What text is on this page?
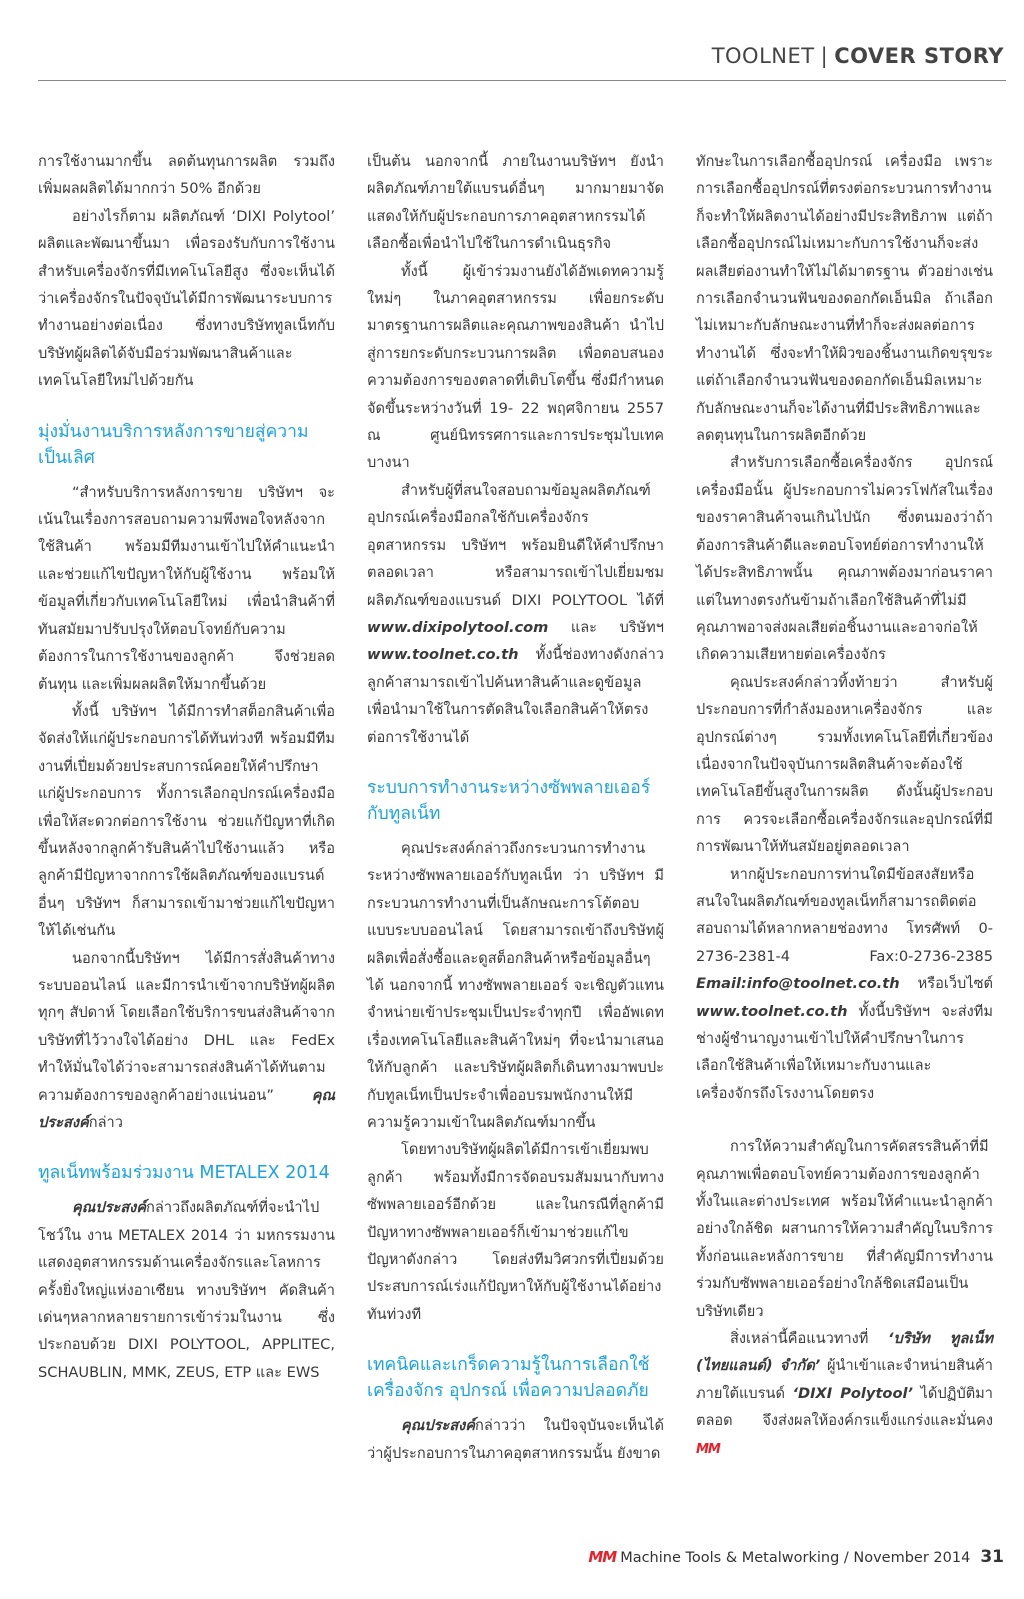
TOOLNET | COVER STORY

การใช้งานมากขึ้น ลดต้นทุนการผลิต รวมถึงเพิ่มผลผลิตได้มากกว่า 50% อีกด้วย

อย่างไรก็ตาม ผลิตภัณฑ์ ‘DIXI Polytool’ ผลิตและพัฒนาขึ้นมา เพื่อรองรับกับการใช้งานสำหรับเครื่องจักรที่มีเทคโนโลยีสูง ซึ่งจะเห็นได้ว่าเครื่องจักรในปัจจุบันได้มีการพัฒนาระบบการทำงานอย่างต่อเนื่อง ซึ่งทางบริษัททูลเน็ทกับบริษัทผู้ผลิตได้จับมือร่วมพัฒนาสินค้าและเทคโนโลยีใหม่ไปด้วยกัน

มุ่งมั่นงานบริการหลังการขายสู่ความเป็นเลิศ

“สำหรับบริการหลังการขาย บริษัทฯ จะเน้นในเรื่องการสอบถามความพึงพอใจหลังจากใช้สินค้า พร้อมมีทีมงานเข้าไปให้คำแนะนำ และช่วยแก้ไขปัญหาให้กับผู้ใช้งาน พร้อมให้ข้อมูลที่เกี่ยวกับเทคโนโลยีใหม่ เพื่อนำสินค้าที่ทันสมัยมาปรับปรุงให้ตอบโจทย์กับความต้องการในการใช้งานของลูกค้า จึงช่วยลดต้นทุน และเพิ่มผลผลิตให้มากขึ้นด้วย

ทั้งนี้ บริษัทฯ ได้มีการทำสต็อกสินค้าเพื่อจัดส่งให้แก่ผู้ประกอบการได้ทันท่วงที พร้อมมีทีมงานที่เปี่ยมด้วยประสบการณ์คอยให้คำปรึกษาแก่ผู้ประกอบการ ทั้งการเลือกอุปกรณ์เครื่องมือเพื่อให้สะดวกต่อการใช้งาน ช่วยแก้ปัญหาที่เกิดขึ้นหลังจากลูกค้ารับสินค้าไปใช้งานแล้ว หรือลูกค้ามีปัญหาจากการใช้ผลิตภัณฑ์ของแบรนด์อื่นๆ บริษัทฯ ก็สามารถเข้ามาช่วยแก้ไขปัญหาให้ได้เช่นกัน

นอกจากนี้บริษัทฯ ได้มีการสั่งสินค้าทางระบบออนไลน์ และมีการนำเข้าจากบริษัทผู้ผลิตทุกๆ สัปดาห์ โดยเลือกใช้บริการขนส่งสินค้าจากบริษัทที่ไว้วางใจได้อย่าง DHL และ FedEx ทำให้มั่นใจได้ว่าจะสามารถส่งสินค้าได้ทันตามความต้องการของลูกค้าอย่างแน่นอน”	คุณประสงค์กล่าว

ทูลเน็ทพร้อมร่วมงาน METALEX 2014

คุณประสงค์กล่าวถึงผลิตภัณฑ์ที่จะนำไปโชว์ใน งาน METALEX 2014 ว่า มหกรรมงานแสดงอุตสาหกรรมด้านเครื่องจักรและโลหการครั้งยิ่งใหญ่แห่งอาเซียน ทางบริษัทฯ คัดสินค้าเด่นๆหลากหลายรายการเข้าร่วมในงาน ซึ่งประกอบด้วย DIXI POLYTOOL, APPLITEC, SCHAUBLIN, MMK, ZEUS, ETP และ EWS

เป็นต้น นอกจากนี้ ภายในงานบริษัทฯ ยังนำผลิตภัณฑ์ภายใต้แบรนด์อื่นๆ มากมายมาจัดแสดงให้กับผู้ประกอบการภาคอุตสาหกรรมได้เลือกซื้อเพื่อนำไปใช้ในการดำเนินธุรกิจ

ทั้งนี้ ผู้เข้าร่วมงานยังได้อัพเดทความรู้ใหม่ๆ ในภาคอุตสาหกรรม เพื่อยกระดับมาตรฐานการผลิตและคุณภาพของสินค้า นำไปสู่การยกระดับกระบวนการผลิต เพื่อตอบสนองความต้องการของตลาดที่เติบโตขึ้น ซึ่งมีกำหนดจัดขึ้นระหว่างวันที่ 19- 22 พฤศจิกายน 2557 ณ ศูนย์นิทรรศการและการประชุมไบเทค บางนา

สำหรับผู้ที่สนใจสอบถามข้อมูลผลิตภัณฑ์อุปกรณ์เครื่องมือกลใช้กับเครื่องจักรอุตสาหกรรม บริษัทฯ พร้อมยินดีให้คำปรึกษาตลอดเวลา หรือสามารถเข้าไปเยี่ยมชมผลิตภัณฑ์ของแบรนด์ DIXI POLYTOOL ได้ที่ www.dixipolytool.com และ บริษัทฯ www.toolnet.co.th ทั้งนี้ช่องทางดังกล่าวลูกค้าสามารถเข้าไปค้นหาสินค้าและดูข้อมูล เพื่อนำมาใช้ในการตัดสินใจเลือกสินค้าให้ตรงต่อการใช้งานได้

ระบบการทำงานระหว่างซัพพลายเออร์กับทูลเน็ท

คุณประสงค์กล่าวถึงกระบวนการทำงานระหว่างซัพพลายเออร์กับทูลเน็ท ว่า บริษัทฯ มีกระบวนการทำงานที่เป็นลักษณะการโต้ตอบแบบระบบออนไลน์ โดยสามารถเข้าถึงบริษัทผู้ผลิตเพื่อสั่งซื้อและดูสต็อกสินค้าหรือข้อมูลอื่นๆ ได้ นอกจากนี้ ทางซัพพลายเออร์ จะเชิญตัวแทนจำหน่ายเข้าประชุมเป็นประจำทุกปี เพื่ออัพเดทเรื่องเทคโนโลยีและสินค้าใหม่ๆ ที่จะนำมาเสนอให้กับลูกค้า และบริษัทผู้ผลิตก็เดินทางมาพบปะกับทูลเน็ทเป็นประจำเพื่ออบรมพนักงานให้มีความรู้ความเข้าในผลิตภัณฑ์มากขึ้น

โดยทางบริษัทผู้ผลิตได้มีการเข้าเยี่ยมพบลูกค้า พร้อมทั้งมีการจัดอบรมสัมมนากับทางซัพพลายเออร์อีกด้วย และในกรณีที่ลูกค้ามีปัญหาทางซัพพลายเออร์ก็เข้ามาช่วยแก้ไขปัญหาดังกล่าว โดยส่งทีมวิศวกรที่เปี่ยมด้วยประสบการณ์เร่งแก้ปัญหาให้กับผู้ใช้งานได้อย่างทันท่วงที

เทคนิคและเกร็ดความรู้ในการเลือกใช้เครื่องจักร อุปกรณ์ เพื่อความปลอดภัย

คุณประสงค์กล่าวว่า ในปัจจุบันจะเห็นได้ว่าผู้ประกอบการในภาคอุตสาหกรรมนั้น ยังขาด

ทักษะในการเลือกซื้ออุปกรณ์ เครื่องมือ เพราะการเลือกซื้ออุปกรณ์ที่ตรงต่อกระบวนการทำงานก็จะทำให้ผลิตงานได้อย่างมีประสิทธิภาพ แต่ถ้าเลือกซื้ออุปกรณ์ไม่เหมาะกับการใช้งานก็จะส่งผลเสียต่องานทำให้ไม่ได้มาตรฐาน ตัวอย่างเช่น การเลือกจำนวนฟันของดอกกัดเอ็นมิล ถ้าเลือกไม่เหมาะกับลักษณะงานที่ทำก็จะส่งผลต่อการทำงานได้ ซึ่งจะทำให้ผิวของชิ้นงานเกิดขรุขระ แต่ถ้าเลือกจำนวนฟันของดอกกัดเอ็นมิลเหมาะกับลักษณะงานก็จะได้งานที่มีประสิทธิภาพและลดตุนทุนในการผลิตอีกด้วย

สำหรับการเลือกซื้อเครื่องจักร อุปกรณ์ เครื่องมือนั้น ผู้ประกอบการไม่ควรโฟกัสในเรื่องของราคาสินค้าจนเกินไปนัก ซึ่งตนมองว่าถ้าต้องการสินค้าดีและตอบโจทย์ต่อการทำงานให้ได้ประสิทธิภาพนั้น คุณภาพต้องมาก่อนราคา แต่ในทางตรงกันข้ามถ้าเลือกใช้สินค้าที่ไม่มีคุณภาพอาจส่งผลเสียต่อชิ้นงานและอาจก่อให้เกิดความเสียหายต่อเครื่องจักร

คุณประสงค์กล่าวทิ้งท้ายว่า สำหรับผู้ประกอบการที่กำลังมองหาเครื่องจักร และอุปกรณ์ต่างๆ รวมทั้งเทคโนโลยีที่เกี่ยวข้อง เนื่องจากในปัจจุบันการผลิตสินค้าจะต้องใช้เทคโนโลยีขั้นสูงในการผลิต ดังนั้นผู้ประกอบการ ควรจะเลือกซื้อเครื่องจักรและอุปกรณ์ที่มีการพัฒนาให้ทันสมัยอยู่ตลอดเวลา

หากผู้ประกอบการท่านใดมีข้อสงสัยหรือสนใจในผลิตภัณฑ์ของทูลเน็ทก็สามารถติดต่อสอบถามได้หลากหลายช่องทาง โทรศัพท์ 0-2736-2381-4 Fax:0-2736-2385 Email:info@toolnet.co.th หรือเว็บไซต์ www.toolnet.co.th ทั้งนี้บริษัทฯ จะส่งทีมช่างผู้ชำนาญงานเข้าไปให้คำปรึกษาในการเลือกใช้สินค้าเพื่อให้เหมาะกับงานและเครื่องจักรถึงโรงงานโดยตรง

การให้ความสำคัญในการคัดสรรสินค้าที่มีคุณภาพเพื่อตอบโจทย์ความต้องการของลูกค้าทั้งในและต่างประเทศ พร้อมให้คำแนะนำลูกค้าอย่างใกล้ชิด ผสานการให้ความสำคัญในบริการทั้งก่อนและหลังการขาย ที่สำคัญมีการทำงานร่วมกับซัพพลายเออร์อย่างใกล้ชิดเสมือนเป็นบริษัทเดียว

สิ่งเหล่านี้คือแนวทางที่ ‘บริษัท ทูลเน็ท (ไทยแลนด์) จำกัด’ ผู้นำเข้าและจำหน่ายสินค้าภายใต้แบรนด์ ‘DIXI Polytool’ ได้ปฏิบัติมาตลอด จึงส่งผลให้องค์กรแข็งแกร่งและมั่นคง MM

MM Machine Tools & Metalworking / November 2014 31
